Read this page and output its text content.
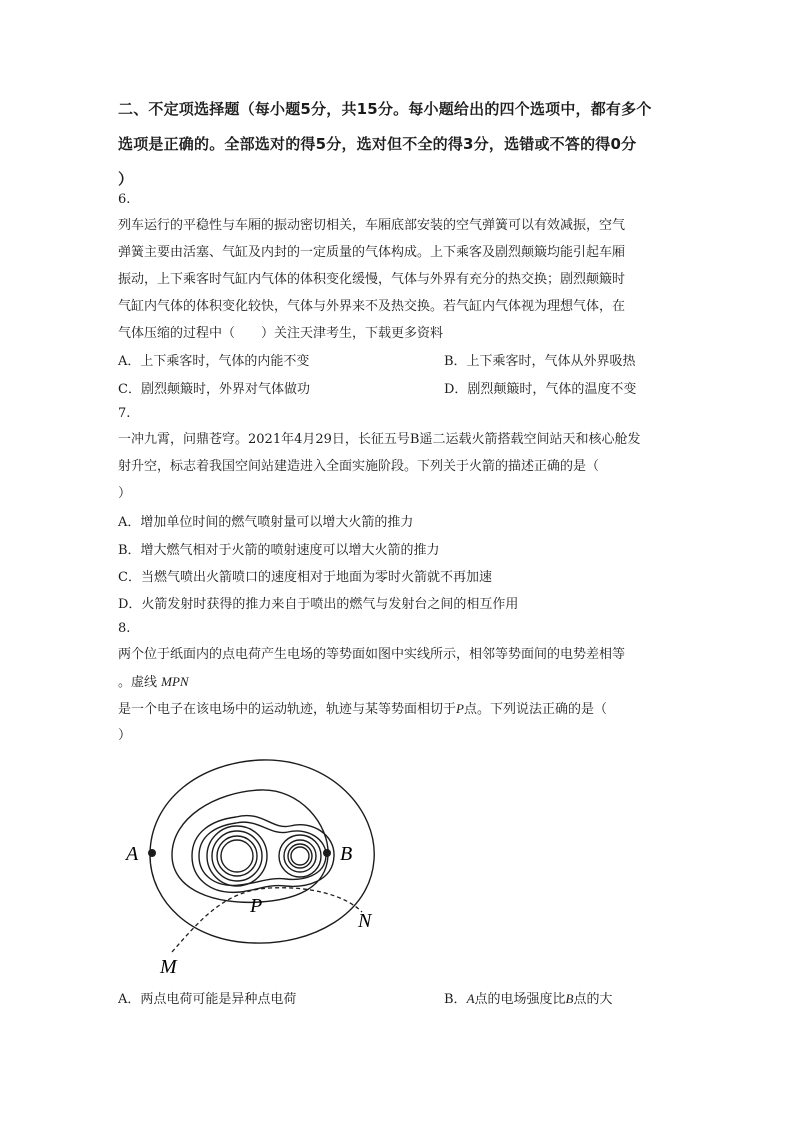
二、不定项选择题（每小题5分，共15分。每小题给出的四个选项中，都有多个
选项是正确的。全部选对的得5分，选对但不全的得3分，选错或不答的得0分
）
6.
列车运行的平稳性与车厢的振动密切相关，车厢底部安装的空气弹簧可以有效减振，空气
弹簧主要由活塞、气缸及内封的一定质量的气体构成。上下乘客及剧烈颠簸均能引起车厢
振动，上下乘客时气缸内气体的体积变化缓慢，气体与外界有充分的热交换；剧烈颠簸时
气缸内气体的体积变化较快，气体与外界来不及热交换。若气缸内气体视为理想气体，在
气体压缩的过程中（　　）关注天津考生，下载更多资料
A．上下乘客时，气体的内能不变	B．上下乘客时，气体从外界吸热
C．剧烈颠簸时，外界对气体做功	D．剧烈颠簸时，气体的温度不变
7.
一冲九霄，问鼎苍穹。2021年4月29日，长征五号B遥二运载火箭搭载空间站天和核心舱发
射升空，标志着我国空间站建造进入全面实施阶段。下列关于火箭的描述正确的是（
）
A．增加单位时间的燃气喷射量可以增大火箭的推力
B．增大燃气相对于火箭的喷射速度可以增大火箭的推力
C．当燃气喷出火箭喷口的速度相对于地面为零时火箭就不再加速
D．火箭发射时获得的推力来自于喷出的燃气与发射台之间的相互作用
8.
两个位于纸面内的点电荷产生电场的等势面如图中实线所示，相邻等势面间的电势差相等
。虚线 MPN
是一个电子在该电场中的运动轨迹，轨迹与某等势面相切于P点。下列说法正确的是（
）
A	B
P
N
M
A．两点电荷可能是异种点电荷	B．A点的电场强度比B点的大
